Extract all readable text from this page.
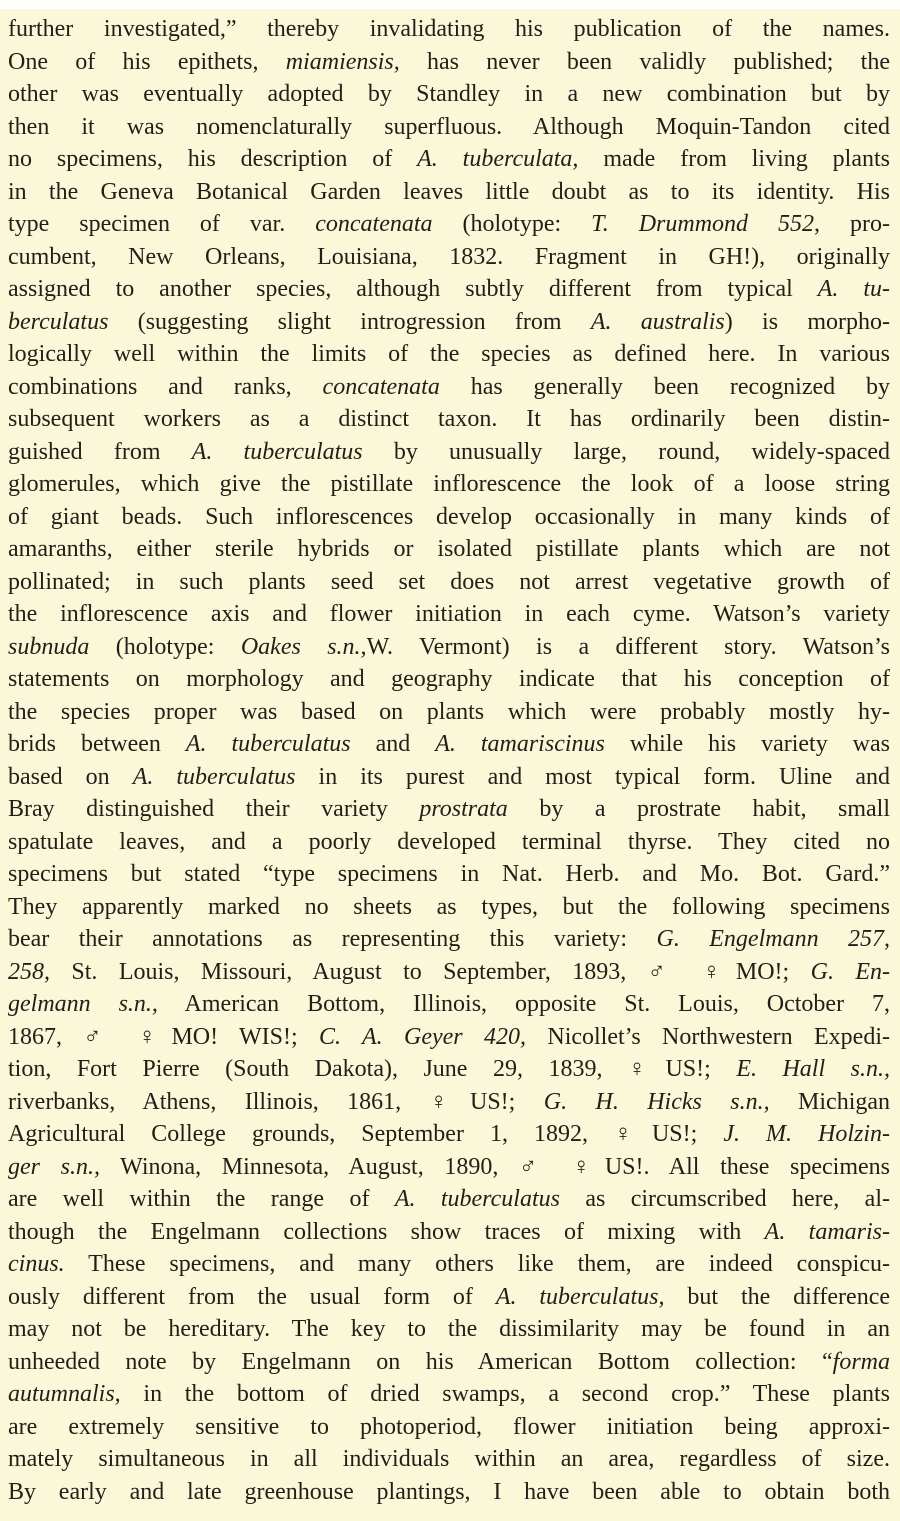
further investigated,” thereby invalidating his publication of the names.
One of his epithets, miamiensis, has never been validly published; the
other was eventually adopted by Standley in a new combination but by
then it was nomenclaturally superfluous. Although Moquin-Tandon cited
no specimens, his description of A. tuberculata, made from living plants
in the Geneva Botanical Garden leaves little doubt as to its identity. His
type specimen of var. concatenata (holotype: T. Drummond 552, pro-
cumbent, New Orleans, Louisiana, 1832. Fragment in GH!), originally
assigned to another species, although subtly different from typical A. tu-
berculatus (suggesting slight introgression from A. australis) is morpho-
logically well within the limits of the species as defined here. In various
combinations and ranks, concatenata has generally been recognized by
subsequent workers as a distinct taxon. It has ordinarily been distin-
guished from A. tuberculatus by unusually large, round, widely-spaced
glomerules, which give the pistillate inflorescence the look of a loose string
of giant beads. Such inflorescences develop occasionally in many kinds of
amaranths, either sterile hybrids or isolated pistillate plants which are not
pollinated; in such plants seed set does not arrest vegetative growth of
the inflorescence axis and flower initiation in each cyme. Watson’s variety
subnuda (holotype: Oakes s.n.,W. Vermont) is a different story. Watson’s
statements on morphology and geography indicate that his conception of
the species proper was based on plants which were probably mostly hy-
brids between A. tuberculatus and A. tamariscinus while his variety was
based on A. tuberculatus in its purest and most typical form. Uline and
Bray distinguished their variety prostrata by a prostrate habit, small
spatulate leaves, and a poorly developed terminal thyrse. They cited no
specimens but stated “type specimens in Nat. Herb. and Mo. Bot. Gard.”
They apparently marked no sheets as types, but the following specimens
bear their annotations as representing this variety: G. Engelmann 257,
258, St. Louis, Missouri, August to September, 1893, ♂ ♀MO!; G. En-
gelmann s.n., American Bottom, Illinois, opposite St. Louis, October 7,
1867, ♂ ♀MO! WIS!; C. A. Geyer 420, Nicollet’s Northwestern Expedi-
tion, Fort Pierre (South Dakota), June 29, 1839, ♀US!; E. Hall s.n.,
riverbanks, Athens, Illinois, 1861, ♀US!; G. H. Hicks s.n., Michigan
Agricultural College grounds, September 1, 1892, ♀US!; J. M. Holzin-
ger s.n., Winona, Minnesota, August, 1890, ♂ ♀US!. All these specimens
are well within the range of A. tuberculatus as circumscribed here, al-
though the Engelmann collections show traces of mixing with A. tamaris-
cinus. These specimens, and many others like them, are indeed conspicu-
ously different from the usual form of A. tuberculatus, but the difference
may not be hereditary. The key to the dissimilarity may be found in an
unheeded note by Engelmann on his American Bottom collection: “forma
autumnalis, in the bottom of dried swamps, a second crop.” These plants
are extremely sensitive to photoperiod, flower initiation being approxi-
mately simultaneous in all individuals within an area, regardless of size.
By early and late greenhouse plantings, I have been able to obtain both
